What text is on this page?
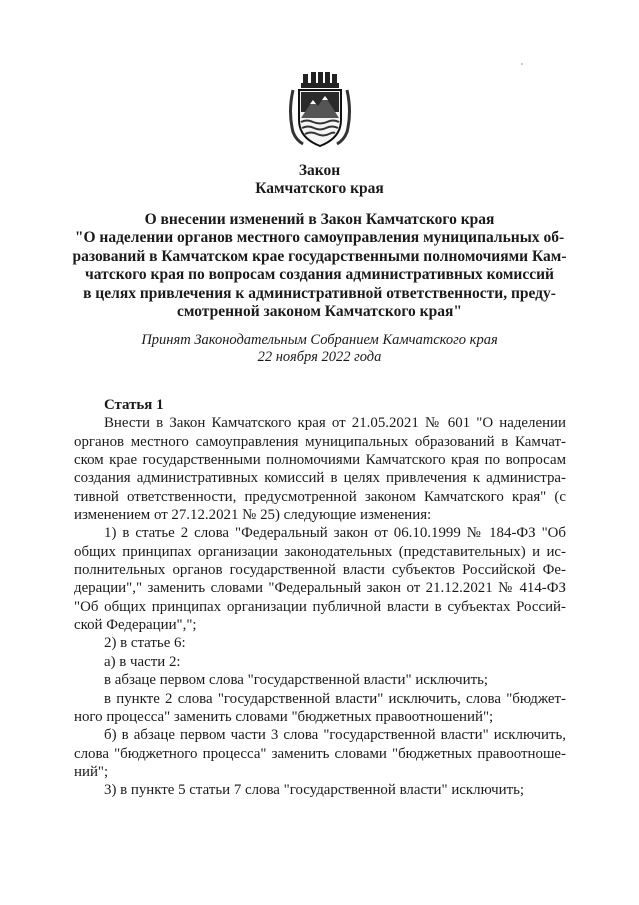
Закон
Камчатского края
О внесении изменений в Закон Камчатского края
"О наделении органов местного самоуправления муниципальных об-
разований в Камчатском крае государственными полномочиями Кам-
чатского края по вопросам создания административных комиссий
в целях привлечения к административной ответственности, преду-
смотренной законом Камчатского края"
Принят Законодательным Собранием Камчатского края
22 ноября 2022 года

Статья 1

Внести в Закон Камчатского края от 21.05.2021 № 601 "О наделении
органов местного самоуправления муниципальных образований в Камчат-
ском крае государственными полномочиями Камчатского края по вопросам
создания административных комиссий в целях привлечения к администра-
тивной ответственности, предусмотренной законом Камчатского края" (с
изменением от 27.12.2021 № 25) следующие изменения:
1) в статье 2 слова "Федеральный закон от 06.10.1999 № 184-ФЗ "Об
общих принципах организации законодательных (представительных) и ис-
полнительных органов государственной власти субъектов Российской Фе-
дерации"," заменить словами "Федеральный закон от 21.12.2021 № 414-ФЗ
"Об общих принципах организации публичной власти в субъектах Россий-
ской Федерации",";

2) в статье 6:

а) в части 2:

в абзаце первом слова "государственной власти" исключить;

в пункте 2 слова "государственной власти" исключить, слова "бюджет-
ного процесса" заменить словами "бюджетных правоотношений";
б) в абзаце первом части 3 слова "государственной власти" исключить,
слова "бюджетного процесса" заменить словами "бюджетных правоотноше-
ний";

3) в пункте 5 статьи 7 слова "государственной власти" исключить;
